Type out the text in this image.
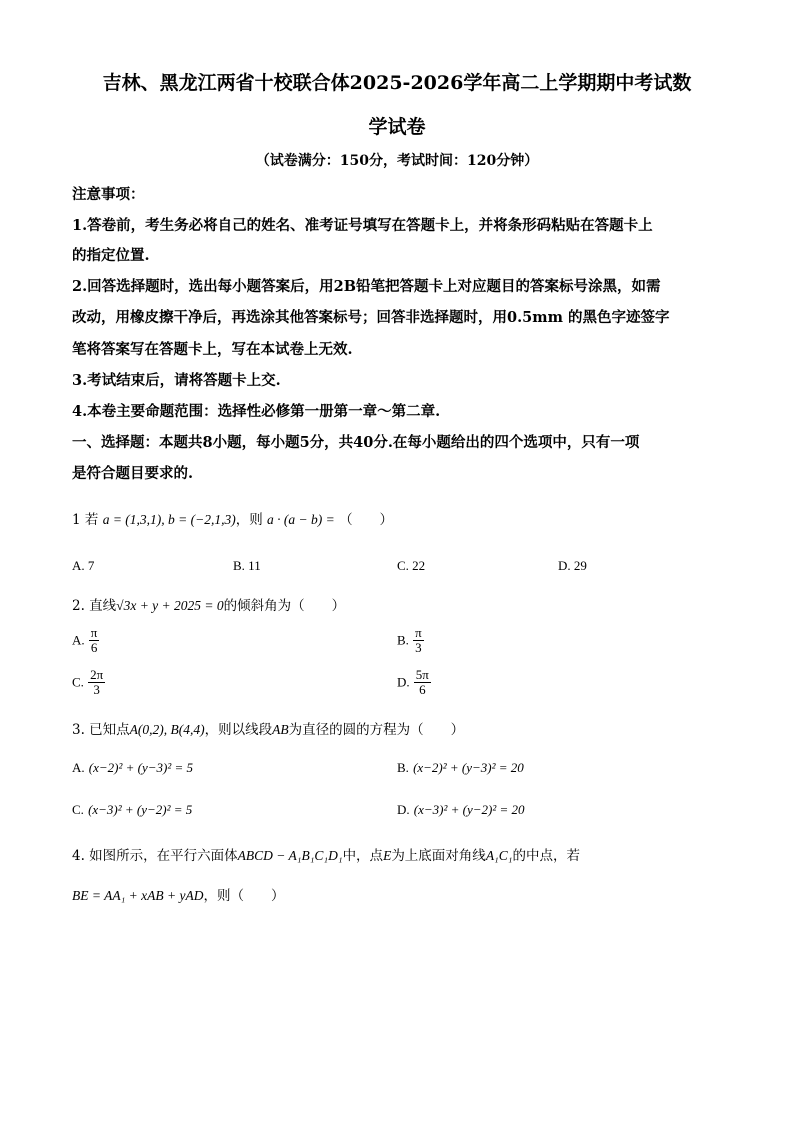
吉林、黑龙江两省十校联合体2025-2026学年高二上学期期中考试数
学试卷
（试卷满分：150分，考试时间：120分钟）
注意事项：
1.答卷前，考生务必将自己的姓名、准考证号填写在答题卡上，并将条形码粘贴在答题卡上
的指定位置.
2.回答选择题时，选出每小题答案后，用2B铅笔把答题卡上对应题目的答案标号涂黑，如需
改动，用橡皮擦干净后，再选涂其他答案标号；回答非选择题时，用0.5mm 的黑色字迹签字
笔将答案写在答题卡上，写在本试卷上无效.
3.考试结束后，请将答题卡上交.
4.本卷主要命题范围：选择性必修第一册第一章～第二章.
一、选择题：本题共8小题，每小题5分，共40分.在每小题给出的四个选项中，只有一项
是符合题目要求的.
1 若 a = (1,3,1), b = (−2,1,3)，则 a · (a − b) = （　　）
A. 7	B. 11	C. 22	D. 29
2. 直线√3x + y + 2025 = 0的倾斜角为（　　）
A. $\frac{\pi}{6}$	B. $\frac{\pi}{3}$
C. $\frac{2\pi}{3}$	D. $\frac{5\pi}{6}$
3. 已知点A(0,2), B(4,4)，则以线段AB为直径的圆的方程为（　　）
A. (x−2)² + (y−3)² = 5	B. (x−2)² + (y−3)² = 20
C. (x−3)² + (y−2)² = 5	D. (x−3)² + (y−2)² = 20
4. 如图所示，在平行六面体ABCD − A₁B₁C₁D₁中，点E为上底面对角线A₁C₁的中点，若
BE = AA₁ + xAB + yAD，则（　　）
